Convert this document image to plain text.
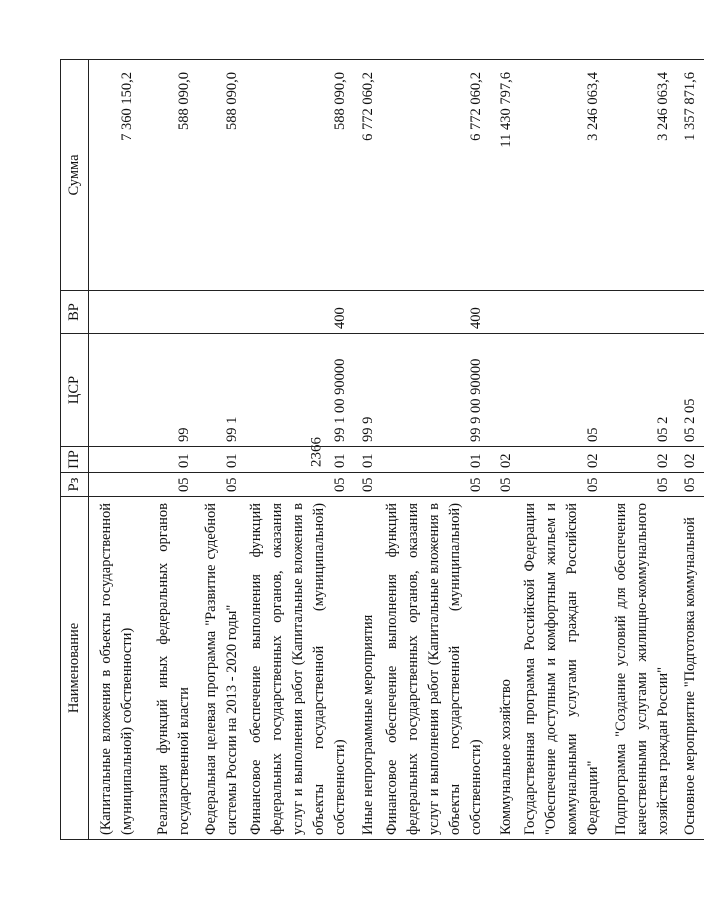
2366
Наименование	Рз	ПР	ЦСР	ВР	Сумма
(Капитальные вложения в объекты государственной (муниципальной) собственности)					7 360 150,2
Реализация функций иных федеральных органов государственной власти	05	01	99		588 090,0
Федеральная целевая программа "Развитие судебной системы России на 2013 - 2020 годы"	05	01	99 1		588 090,0
Финансовое обеспечение выполнения функций федеральных государственных органов, оказания услуг и выполнения работ (Капитальные вложения в объекты государственной (муниципальной) собственности)	05	01	99 1 00 90000	400	588 090,0
Иные непрограммные мероприятия	05	01	99 9		6 772 060,2
Финансовое обеспечение выполнения функций федеральных государственных органов, оказания услуг и выполнения работ (Капитальные вложения в объекты государственной (муниципальной) собственности)	05	01	99 9 00 90000	400	6 772 060,2
Коммунальное хозяйство	05	02			11 430 797,6
Государственная программа Российской Федерации "Обеспечение доступным и комфортным жильем и коммунальными услугами граждан Российской Федерации"	05	02	05		3 246 063,4
Подпрограмма "Создание условий для обеспечения качественными услугами жилищно-коммунального хозяйства граждан России"	05	02	05 2		3 246 063,4
Основное мероприятие "Подготовка коммунальной	05	02	05 2 05		1 357 871,6
